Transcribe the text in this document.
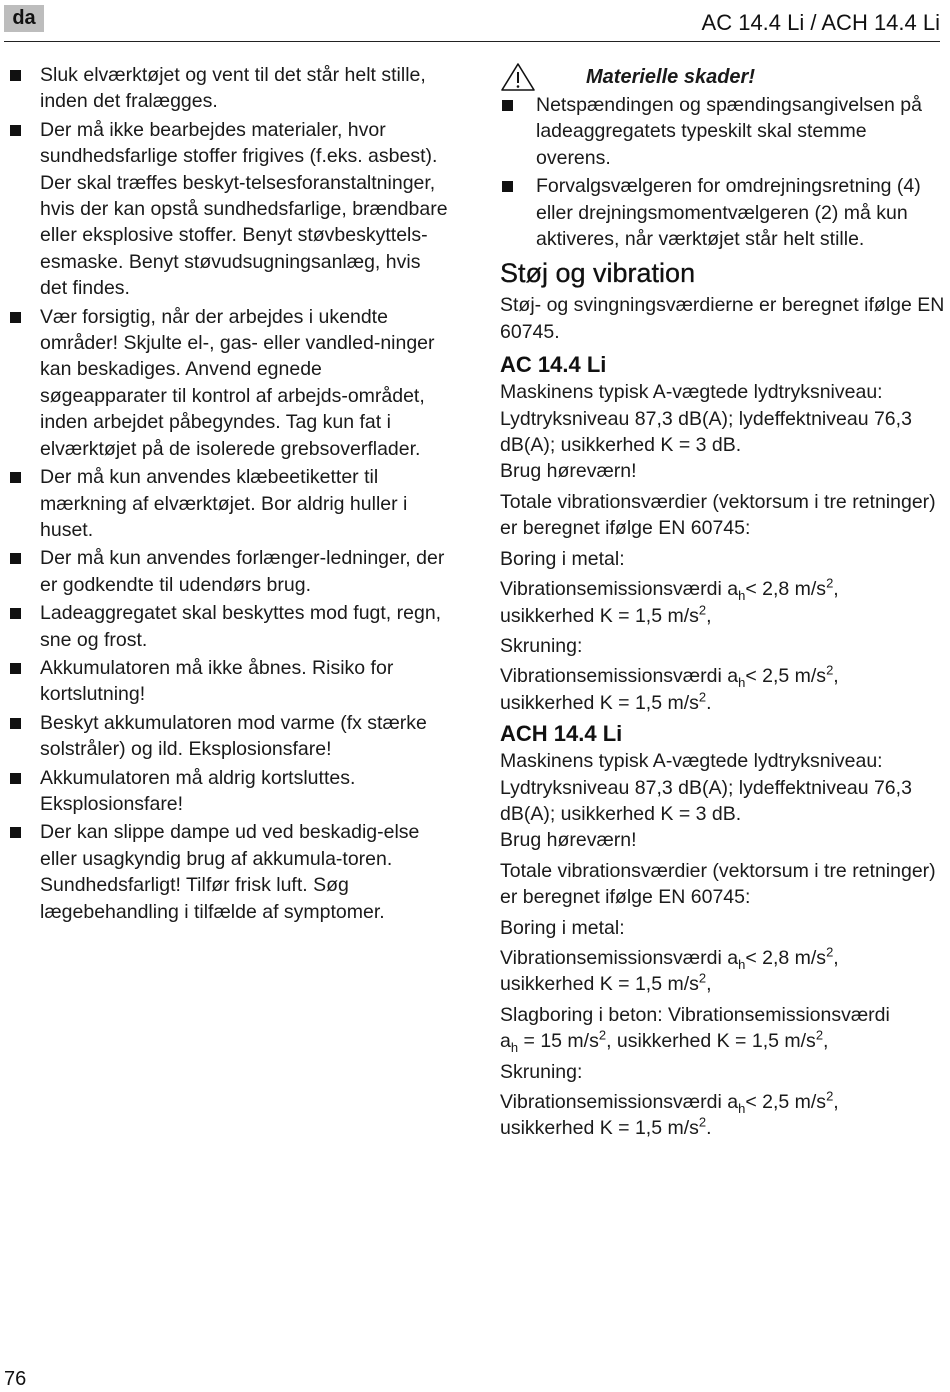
da	AC 14.4 Li / ACH 14.4 Li
Sluk elværktøjet og vent til det står helt stille, inden det fralægges.
Der må ikke bearbejdes materialer, hvor sundhedsfarlige stoffer frigives (f.eks. asbest). Der skal træffes beskyt-telsesforanstaltninger, hvis der kan opstå sundhedsfarlige, brændbare eller eksplosive stoffer. Benyt støvbeskyttels-esmaske. Benyt støvudsugningsanlæg, hvis det findes.
Vær forsigtig, når der arbejdes i ukendte områder! Skjulte el-, gas- eller vandled-ninger kan beskadiges. Anvend egnede søgeapparater til kontrol af arbejds-området, inden arbejdet påbegyndes. Tag kun fat i elværktøjet på de isolerede grebsoverflader.
Der må kun anvendes klæbeetiketter til mærkning af elværktøjet. Bor aldrig huller i huset.
Der må kun anvendes forlænger-ledninger, der er godkendte til udendørs brug.
Ladeaggregatet skal beskyttes mod fugt, regn, sne og frost.
Akkumulatoren må ikke åbnes. Risiko for kortslutning!
Beskyt akkumulatoren mod varme (fx stærke solstråler) og ild. Eksplosionsfare!
Akkumulatoren må aldrig kortsluttes. Eksplosionsfare!
Der kan slippe dampe ud ved beskadig-else eller usagkyndig brug af akkumula-toren. Sundhedsfarligt! Tilfør frisk luft. Søg lægebehandling i tilfælde af symptomer.
Materielle skader!
Netspændingen og spændingsangivelsen på ladeaggregatets typeskilt skal stemme overens.
Forvalgsvælgeren for omdrejningsretning (4) eller drejningsmomentvælgeren (2) må kun aktiveres, når værktøjet står helt stille.
Støj og vibration

Støj- og svingningsværdierne er beregnet ifølge EN 60745.

AC 14.4 Li

Maskinens typisk A-vægtede lydtryksniveau:

Lydtryksniveau 87,3 dB(A); lydeffektniveau 76,3 dB(A); usikkerhed K = 3 dB.

Brug høreværn!

Totale vibrationsværdier (vektorsum i tre retninger) er beregnet ifølge EN 60745:

Boring i metal:

Vibrationsemissionsværdi $a_h< 2,8$ $m/s^2$,

usikkerhed K = 1,5 $m/s^2$,

Skruning:

Vibrationsemissionsværdi $a_h< 2,5$ $m/s^2$,

usikkerhed K = 1,5 $m/s^2$.

ACH 14.4 Li

Maskinens typisk A-vægtede lydtryksniveau:

Lydtryksniveau 87,3 dB(A); lydeffektniveau 76,3 dB(A); usikkerhed K = 3 dB.

Brug høreværn!

Totale vibrationsværdier (vektorsum i tre retninger) er beregnet ifølge EN 60745:

Boring i metal:

Vibrationsemissionsværdi $a_h< 2,8$ $m/s^2$,

usikkerhed K = 1,5 $m/s^2$,

Slagboring i beton: Vibrationsemissionsværdi

$a_h = 15$ $m/s^2$, usikkerhed K = 1,5 $m/s^2$,

Skruning:

Vibrationsemissionsværdi $a_h< 2,5$ $m/s^2$,

usikkerhed K = 1,5 $m/s^2$.

76
